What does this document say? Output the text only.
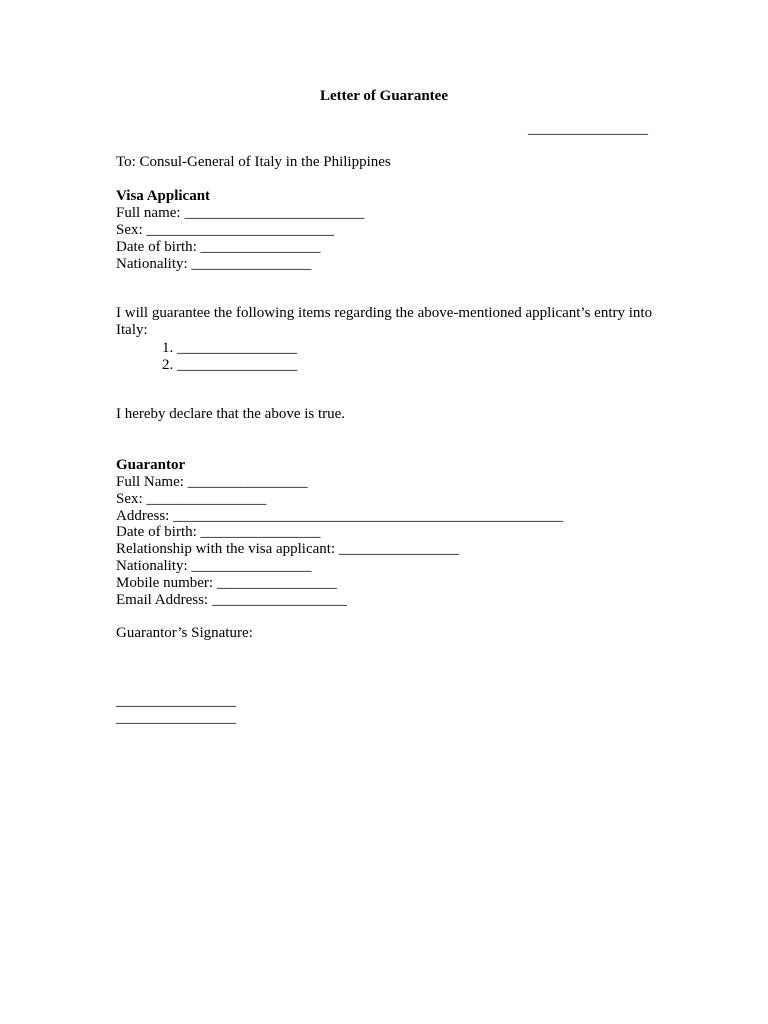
Letter of Guarantee
________________
To: Consul-General of Italy in the Philippines
Visa Applicant
Full name: ________________________
Sex: _________________________
Date of birth: ________________
Nationality: ________________
I will guarantee the following items regarding the above-mentioned applicant’s entry into Italy:
1. ________________
2. ________________
I hereby declare that the above is true.
Guarantor
Full Name: ________________
Sex: ________________
Address: ____________________________________________________
Date of birth: ________________
Relationship with the visa applicant: ________________
Nationality: ________________
Mobile number: ________________
Email Address: __________________
Guarantor’s Signature:
________________
________________
